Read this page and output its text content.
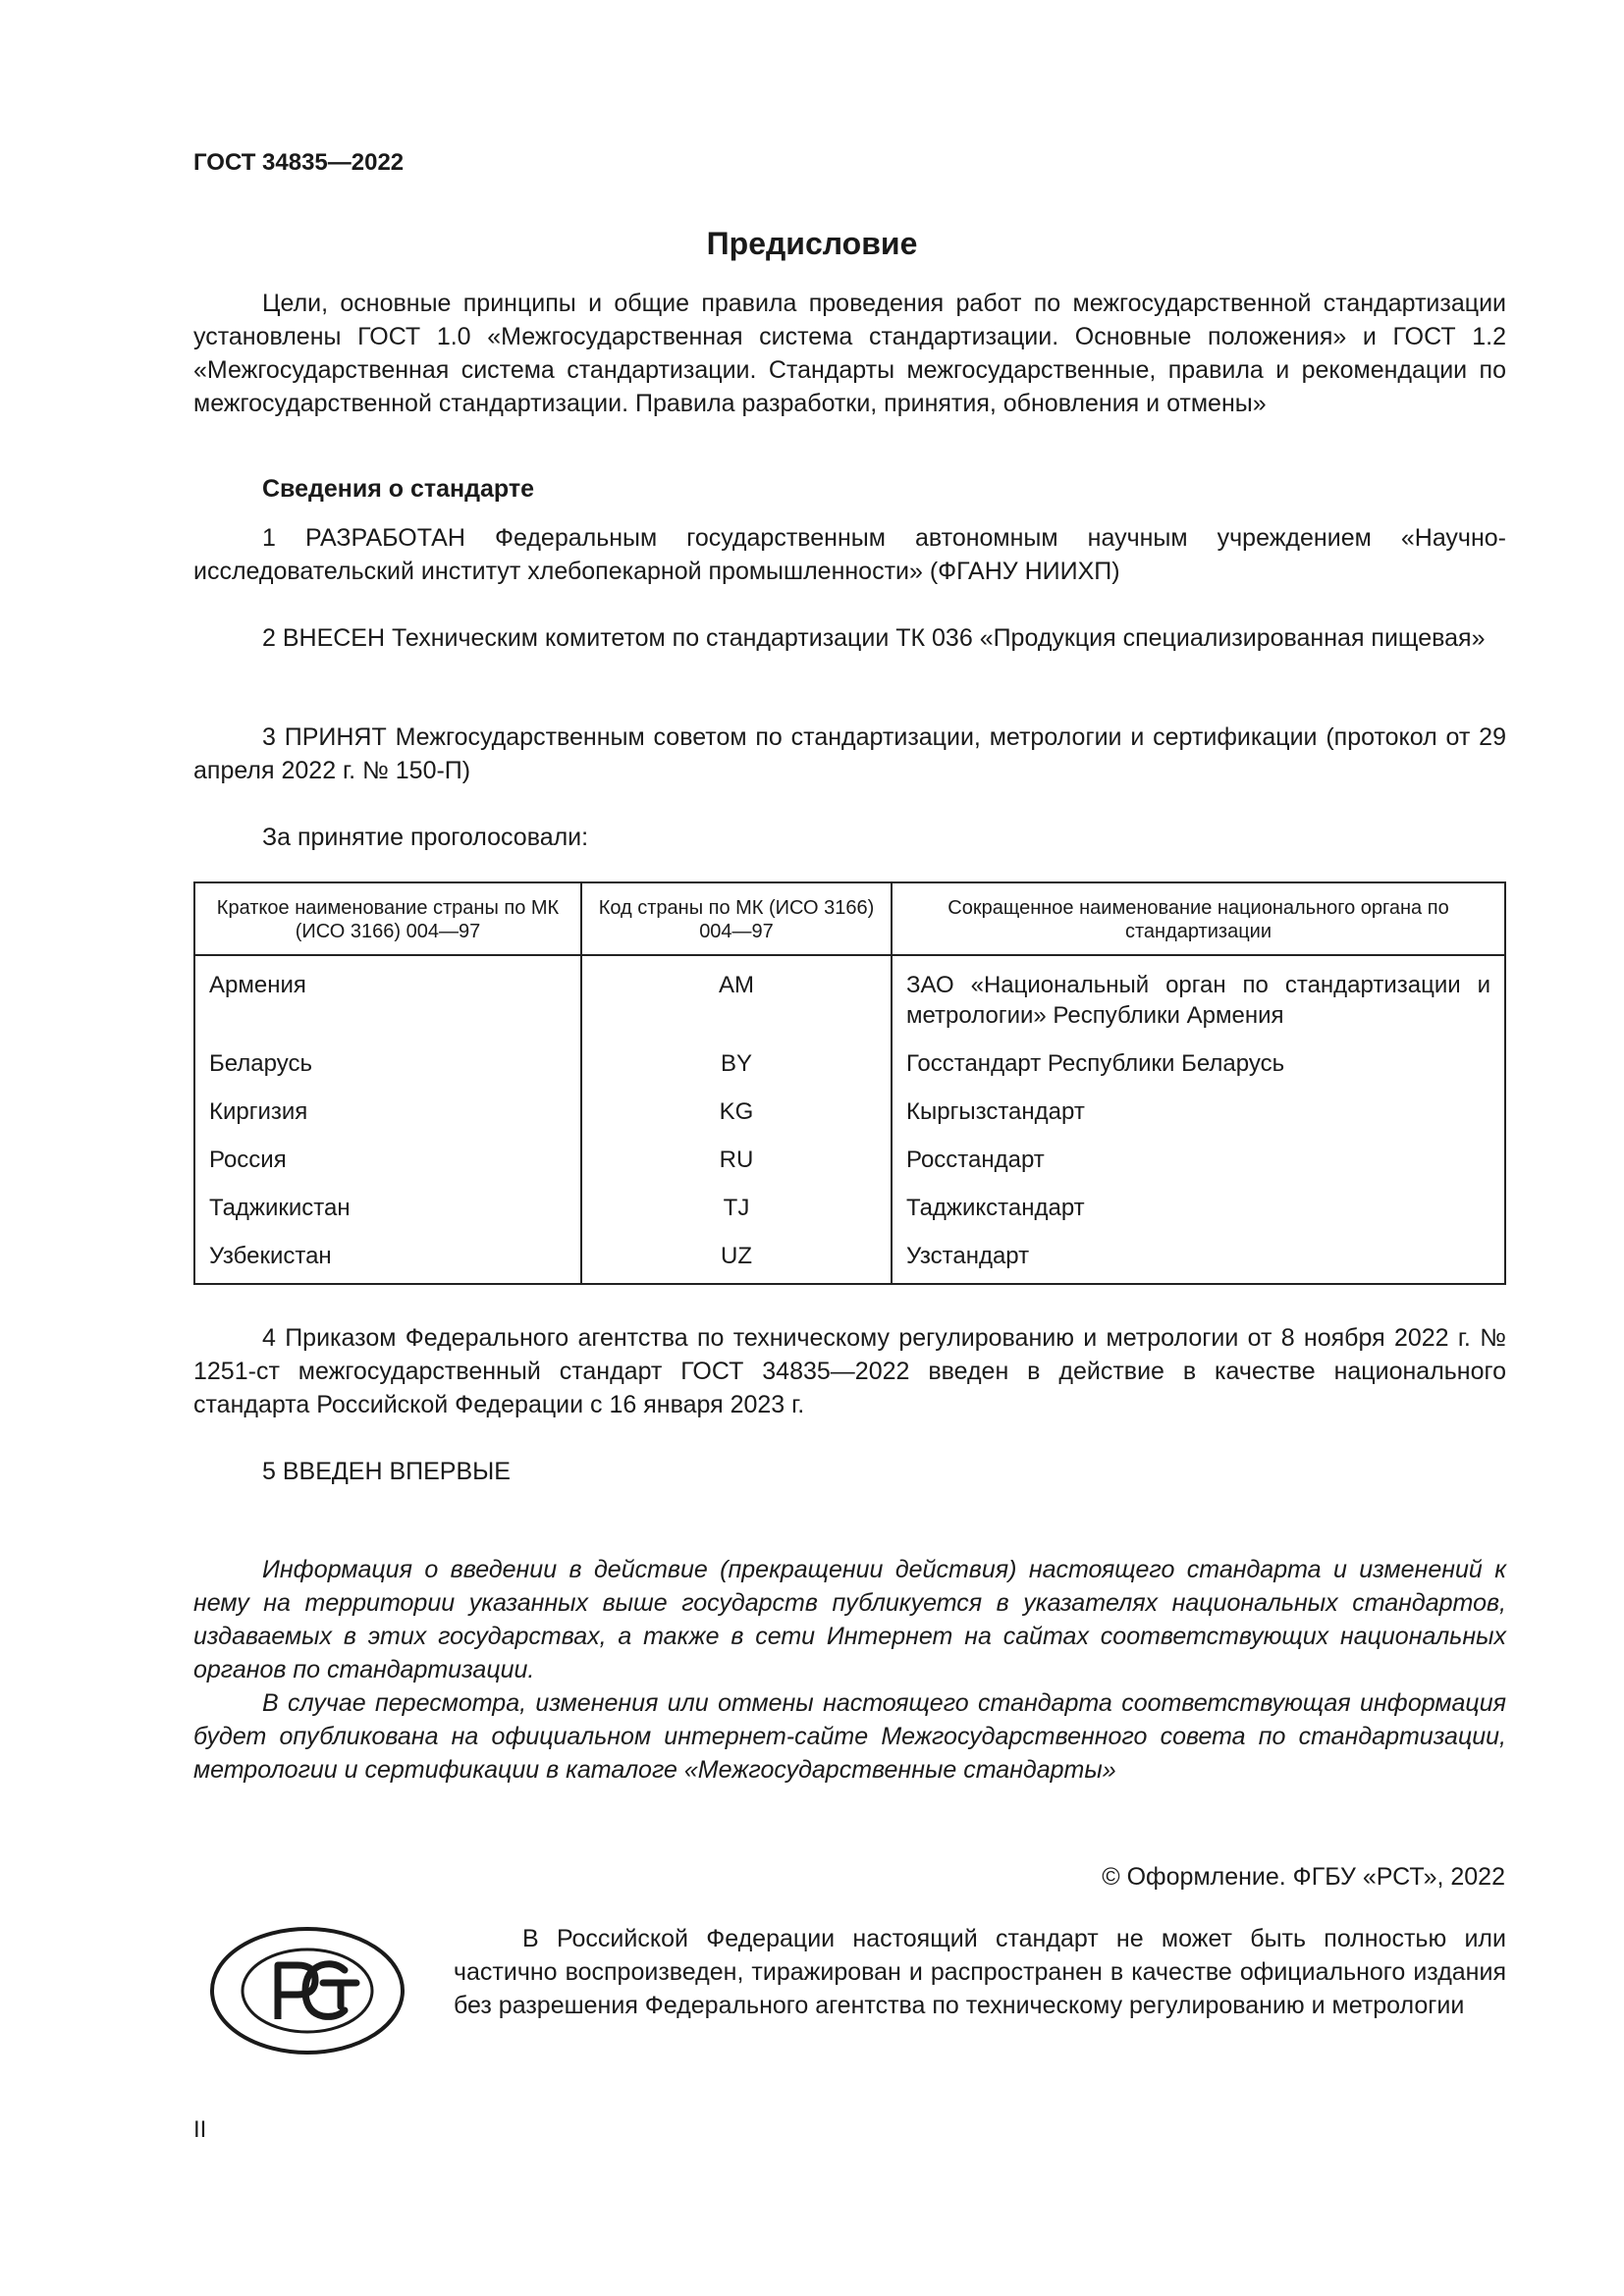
ГОСТ 34835—2022
Предисловие

Цели, основные принципы и общие правила проведения работ по межгосударственной стандартизации установлены ГОСТ 1.0 «Межгосударственная система стандартизации. Основные положения» и ГОСТ 1.2 «Межгосударственная система стандартизации. Стандарты межгосударственные, правила и рекомендации по межгосударственной стандартизации. Правила разработки, принятия, обновления и отмены»

Сведения о стандарте

1 РАЗРАБОТАН Федеральным государственным автономным научным учреждением «Научно-исследовательский институт хлебопекарной промышленности» (ФГАНУ НИИХП)

2 ВНЕСЕН Техническим комитетом по стандартизации ТК 036 «Продукция специализированная пищевая»

3 ПРИНЯТ Межгосударственным советом по стандартизации, метрологии и сертификации (протокол от 29 апреля 2022 г. № 150-П)

За принятие проголосовали:

Краткое наименование страны по МК (ИСО 3166) 004—97	Код страны по МК (ИСО 3166) 004—97	Сокращенное наименование национального органа по стандартизации
Армения	AM	ЗАО «Национальный орган по стандартизации и метрологии» Республики Армения

Беларусь	BY	Госстандарт Республики Беларусь

Киргизия	KG	Кыргызстандарт

Россия	RU	Росстандарт

Таджикистан	TJ	Таджикстандарт

Узбекистан	UZ	Узстандарт

4 Приказом Федерального агентства по техническому регулированию и метрологии от 8 ноября 2022 г. № 1251-ст межгосударственный стандарт ГОСТ 34835—2022 введен в действие в качестве национального стандарта Российской Федерации с 16 января 2023 г.

5 ВВЕДЕН ВПЕРВЫЕ

Информация о введении в действие (прекращении действия) настоящего стандарта и изменений к нему на территории указанных выше государств публикуется в указателях национальных стандартов, издаваемых в этих государствах, а также в сети Интернет на сайтах соответствующих национальных органов по стандартизации.

В случае пересмотра, изменения или отмены настоящего стандарта соответствующая информация будет опубликована на официальном интернет-сайте Межгосударственного совета по стандартизации, метрологии и сертификации в каталоге «Межгосударственные стандарты»

© Оформление. ФГБУ «РСТ», 2022

В Российской Федерации настоящий стандарт не может быть полностью или частично воспроизведен, тиражирован и распространен в качестве официального издания без разрешения Федерального агентства по техническому регулированию и метрологии

II
